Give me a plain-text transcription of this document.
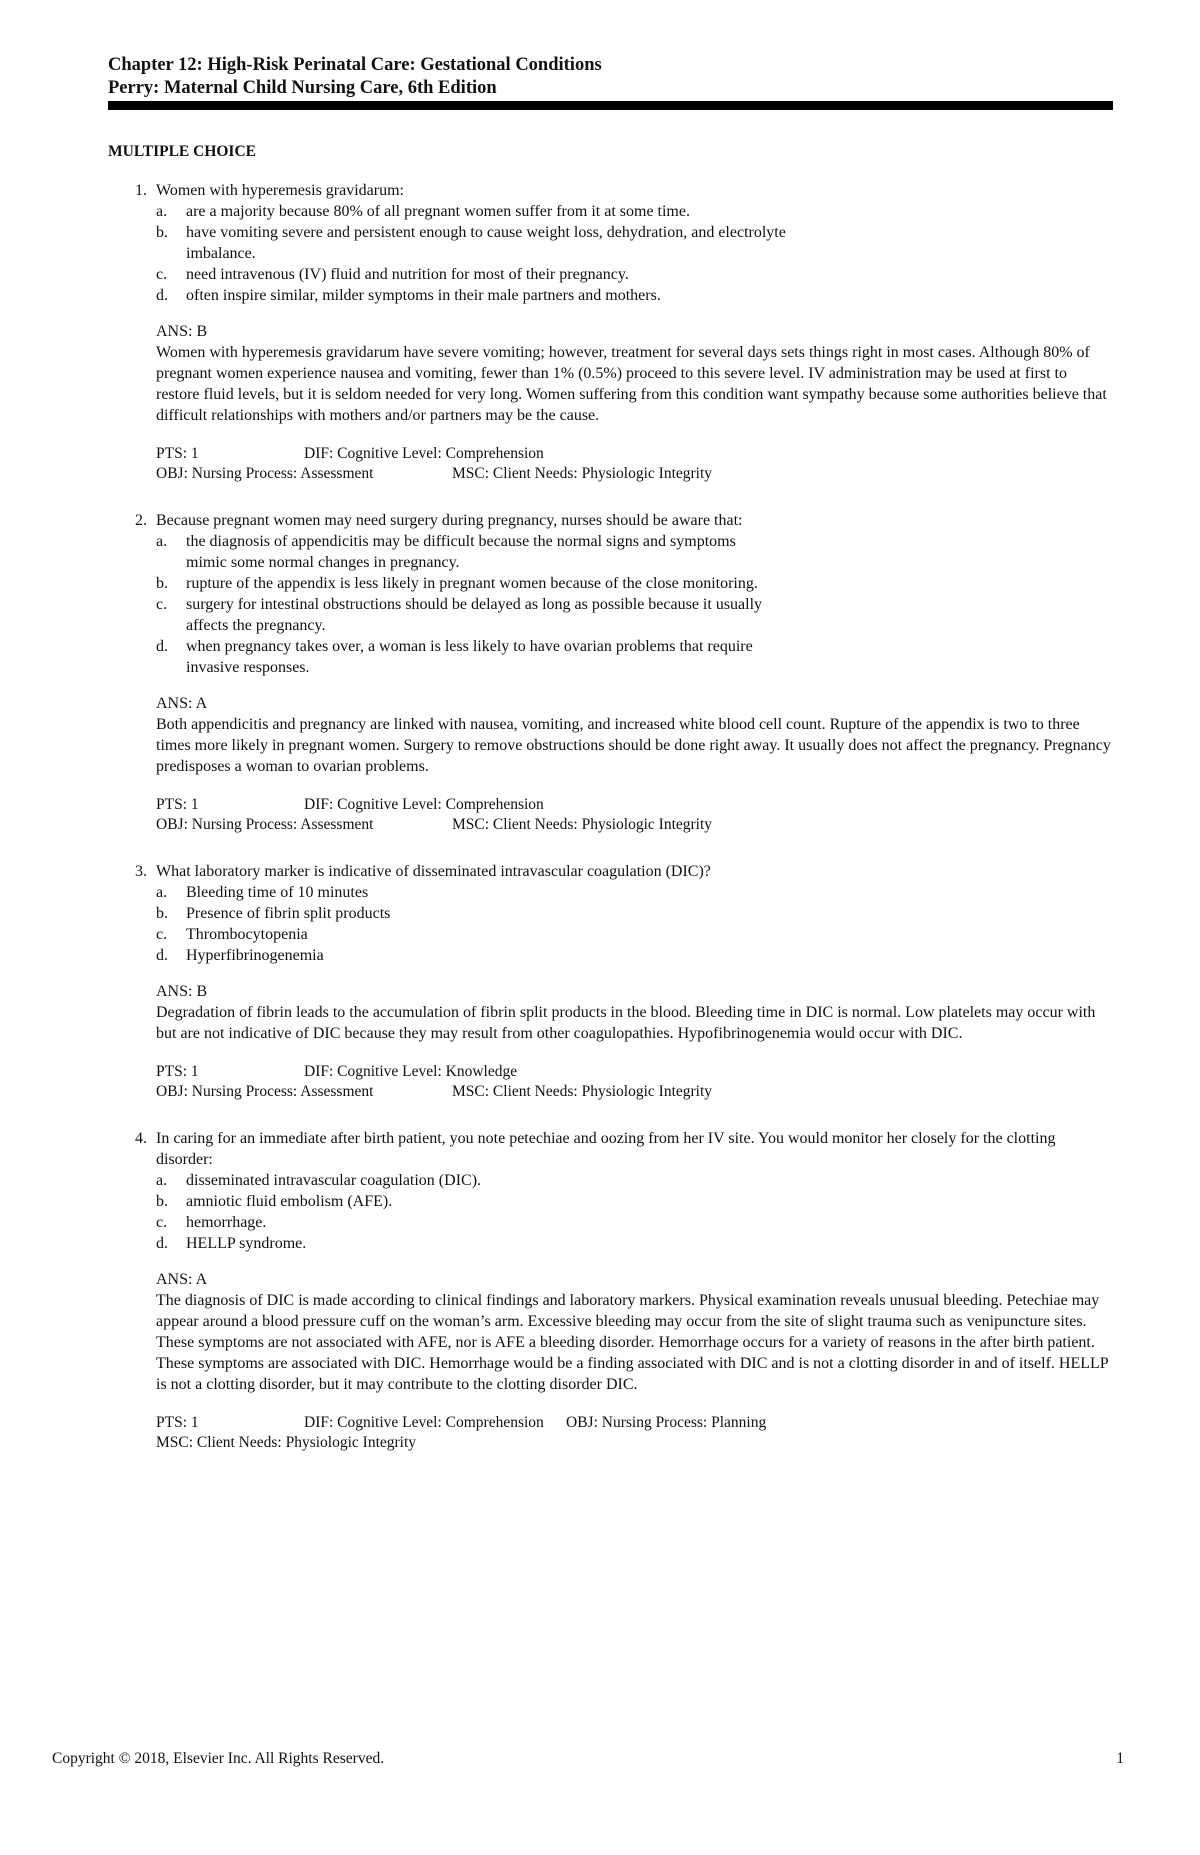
Chapter 12: High-Risk Perinatal Care: Gestational Conditions
Perry: Maternal Child Nursing Care, 6th Edition
MULTIPLE CHOICE
1. Women with hyperemesis gravidarum:
a.	are a majority because 80% of all pregnant women suffer from it at some time.
b.	have vomiting severe and persistent enough to cause weight loss, dehydration, and electrolyte imbalance.
c.	need intravenous (IV) fluid and nutrition for most of their pregnancy.
d.	often inspire similar, milder symptoms in their male partners and mothers.
ANS: B
Women with hyperemesis gravidarum have severe vomiting; however, treatment for several days sets things right in most cases. Although 80% of pregnant women experience nausea and vomiting, fewer than 1% (0.5%) proceed to this severe level. IV administration may be used at first to restore fluid levels, but it is seldom needed for very long. Women suffering from this condition want sympathy because some authorities believe that difficult relationships with mothers and/or partners may be the cause.
PTS: 1	DIF: Cognitive Level: Comprehension
OBJ: Nursing Process: Assessment	MSC: Client Needs: Physiologic Integrity
2. Because pregnant women may need surgery during pregnancy, nurses should be aware that:
a.	the diagnosis of appendicitis may be difficult because the normal signs and symptoms mimic some normal changes in pregnancy.
b.	rupture of the appendix is less likely in pregnant women because of the close monitoring.
c.	surgery for intestinal obstructions should be delayed as long as possible because it usually affects the pregnancy.
d.	when pregnancy takes over, a woman is less likely to have ovarian problems that require invasive responses.
ANS: A
Both appendicitis and pregnancy are linked with nausea, vomiting, and increased white blood cell count. Rupture of the appendix is two to three times more likely in pregnant women. Surgery to remove obstructions should be done right away. It usually does not affect the pregnancy. Pregnancy predisposes a woman to ovarian problems.
PTS: 1	DIF: Cognitive Level: Comprehension
OBJ: Nursing Process: Assessment	MSC: Client Needs: Physiologic Integrity
3. What laboratory marker is indicative of disseminated intravascular coagulation (DIC)?
a.	Bleeding time of 10 minutes
b.	Presence of fibrin split products
c.	Thrombocytopenia
d.	Hyperfibrinogenemia
ANS: B
Degradation of fibrin leads to the accumulation of fibrin split products in the blood. Bleeding time in DIC is normal. Low platelets may occur with but are not indicative of DIC because they may result from other coagulopathies. Hypofibrinogenemia would occur with DIC.
PTS: 1	DIF: Cognitive Level: Knowledge
OBJ: Nursing Process: Assessment	MSC: Client Needs: Physiologic Integrity
4. In caring for an immediate after birth patient, you note petechiae and oozing from her IV site. You would monitor her closely for the clotting disorder:
a.	disseminated intravascular coagulation (DIC).
b.	amniotic fluid embolism (AFE).
c.	hemorrhage.
d.	HELLP syndrome.
ANS: A
The diagnosis of DIC is made according to clinical findings and laboratory markers. Physical examination reveals unusual bleeding. Petechiae may appear around a blood pressure cuff on the woman’s arm. Excessive bleeding may occur from the site of slight trauma such as venipuncture sites. These symptoms are not associated with AFE, nor is AFE a bleeding disorder. Hemorrhage occurs for a variety of reasons in the after birth patient. These symptoms are associated with DIC. Hemorrhage would be a finding associated with DIC and is not a clotting disorder in and of itself. HELLP is not a clotting disorder, but it may contribute to the clotting disorder DIC.
PTS: 1	DIF: Cognitive Level: Comprehension	OBJ: Nursing Process: Planning
MSC: Client Needs: Physiologic Integrity
Copyright © 2018, Elsevier Inc. All Rights Reserved.	1
